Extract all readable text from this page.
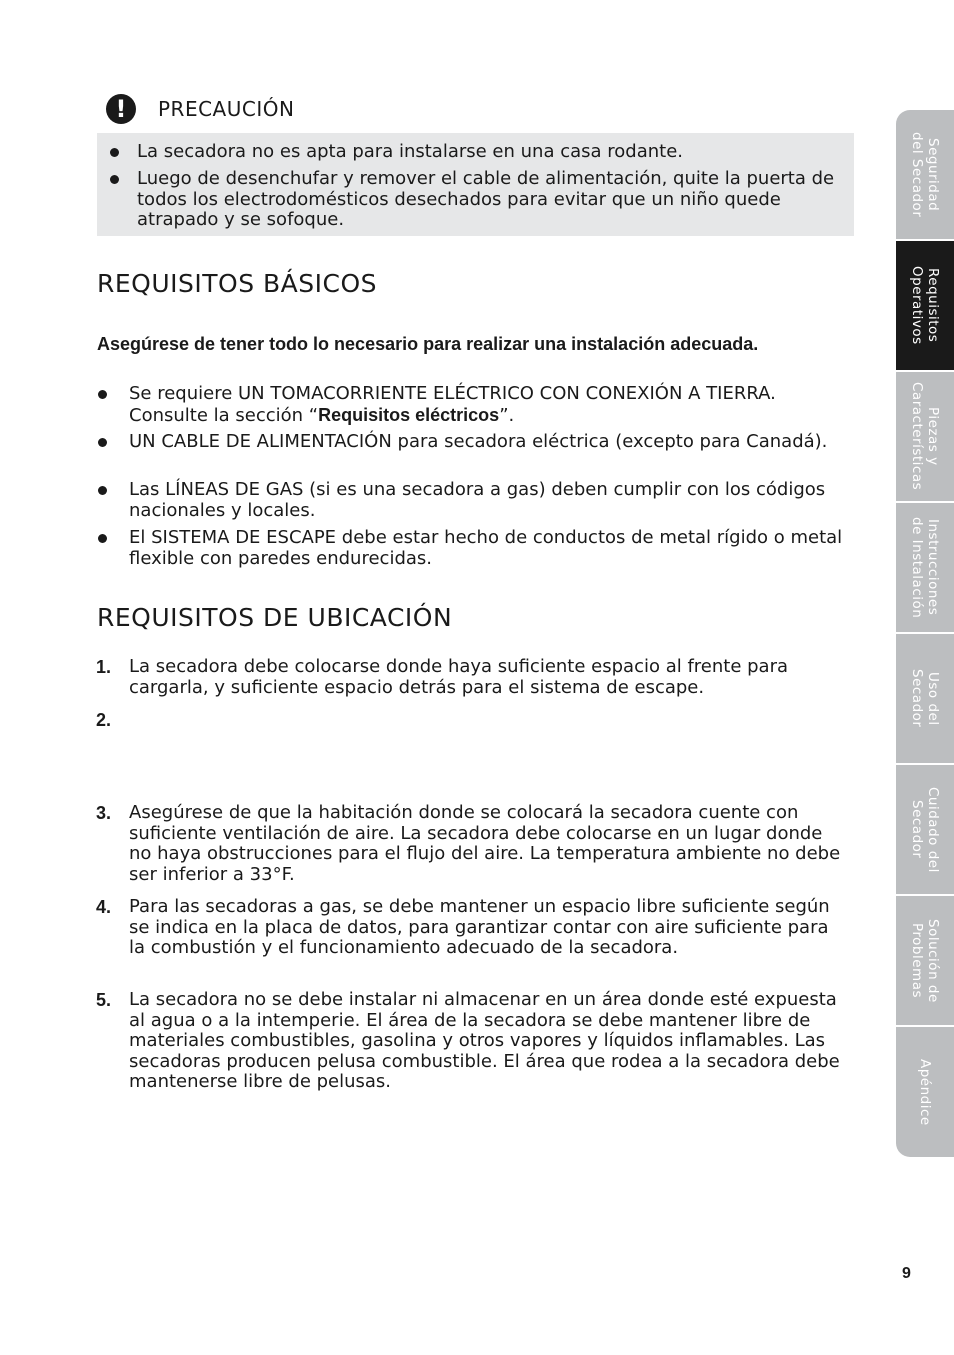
!	PRECAUCIÓN
La secadora no es apta para instalarse en una casa rodante.
Luego de desenchufar y remover el cable de alimentación, quite la puerta de todos los electrodomésticos desechados para evitar que un niño quede atrapado y se sofoque.
REQUISITOS BÁSICOS

Asegúrese de tener todo lo necesario para realizar una instalación adecuada.

Se requiere UN TOMACORRIENTE ELÉCTRICO CON CONEXIÓN A TIERRA. Consulte la sección “Requisitos eléctricos”.
UN CABLE DE ALIMENTACIÓN para secadora eléctrica (excepto para Canadá).
Las LÍNEAS DE GAS (si es una secadora a gas) deben cumplir con los códigos nacionales y locales.
El SISTEMA DE ESCAPE debe estar hecho de conductos de metal rígido o metal flexible con paredes endurecidas.
REQUISITOS DE UBICACIÓN
1. La secadora debe colocarse donde haya suficiente espacio al frente para cargarla, y suficiente espacio detrás para el sistema de escape.
2.
3. Asegúrese de que la habitación donde se colocará la secadora cuente con suficiente ventilación de aire. La secadora debe colocarse en un lugar donde no haya obstrucciones para el flujo del aire. La temperatura ambiente no debe ser inferior a 33°F.
4. Para las secadoras a gas, se debe mantener un espacio libre suficiente según se indica en la placa de datos, para garantizar contar con aire suficiente para la combustión y el funcionamiento adecuado de la secadora.
5. La secadora no se debe instalar ni almacenar en un área donde esté expuesta al agua o a la intemperie. El área de la secadora se debe mantener libre de materiales combustibles, gasolina y otros vapores y líquidos inflamables. Las secadoras producen pelusa combustible. El área que rodea a la secadora debe mantenerse libre de pelusas.
Seguridad
del Secador
Requisitos
Operativos
Piezas y
Características
Instrucciones
de Instalación
Uso del
Secador
Cuidado del
Secador
Solución de
Problemas
Apéndice
9
